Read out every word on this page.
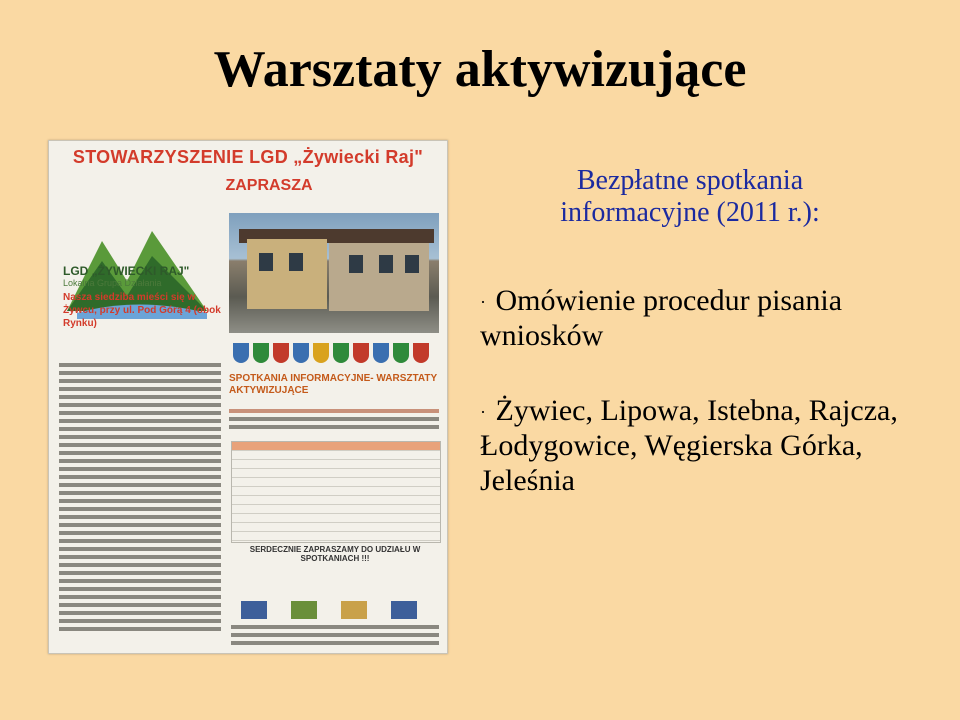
Warsztaty aktywizujące
STOWARZYSZENIE LGD „Żywiecki Raj"
ZAPRASZA
LGD „ŻYWIECKI RAJ"
Lokalna Grupa Działania
Nasza siedziba mieści się w Żywcu, przy ul. Pod Górą 4 (obok Rynku)
SPOTKANIA INFORMACYJNE- WARSZTATY AKTYWIZUJĄCE
SERDECZNIE ZAPRASZAMY DO UDZIAŁU W SPOTKANIACH !!!
Bezpłatne spotkania informacyjne (2011 r.):
· Omówienie procedur pisania wniosków
· Żywiec, Lipowa, Istebna, Rajcza, Łodygowice, Węgierska Górka, Jeleśnia
